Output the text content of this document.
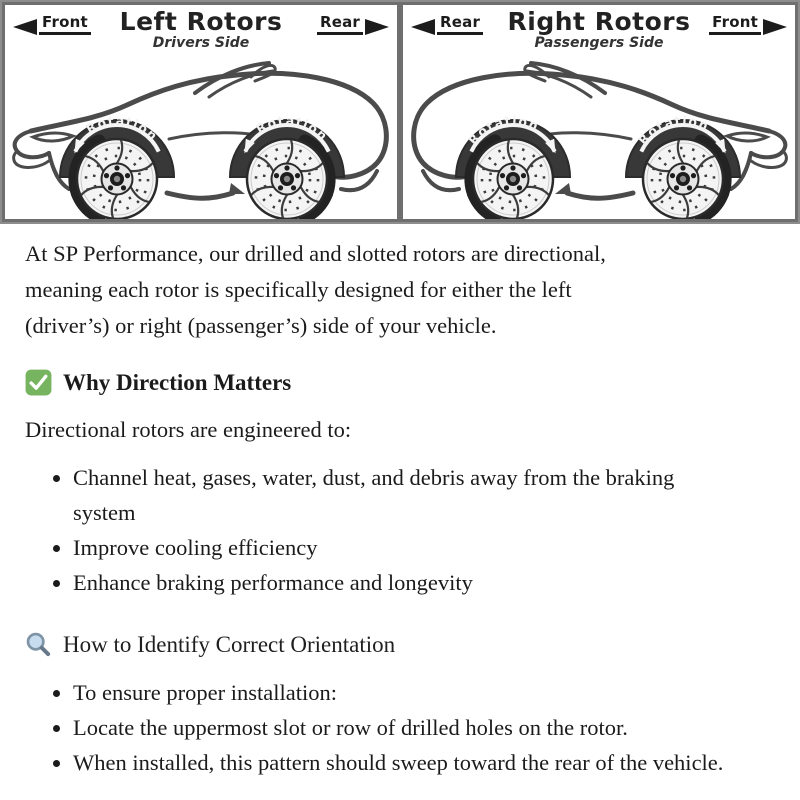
Front Left Rotors
Drivers Side
Rear
Rotation	Rotation
Rear Right Rotors
Passengers Side
Front
Rotation
Rotation

At SP Performance, our drilled and slotted rotors are directional,
meaning each rotor is specifically designed for either the left
(driver’s) or right (passenger’s) side of your vehicle.

Why Direction Matters

Directional rotors are engineered to:

• Channel heat, gases, water, dust, and debris away from the braking system
• Improve cooling efficiency
• Enhance braking performance and longevity
How to Identify Correct Orientation
• To ensure proper installation:
• Locate the uppermost slot or row of drilled holes on the rotor.
• When installed, this pattern should sweep toward the rear of the vehicle.
